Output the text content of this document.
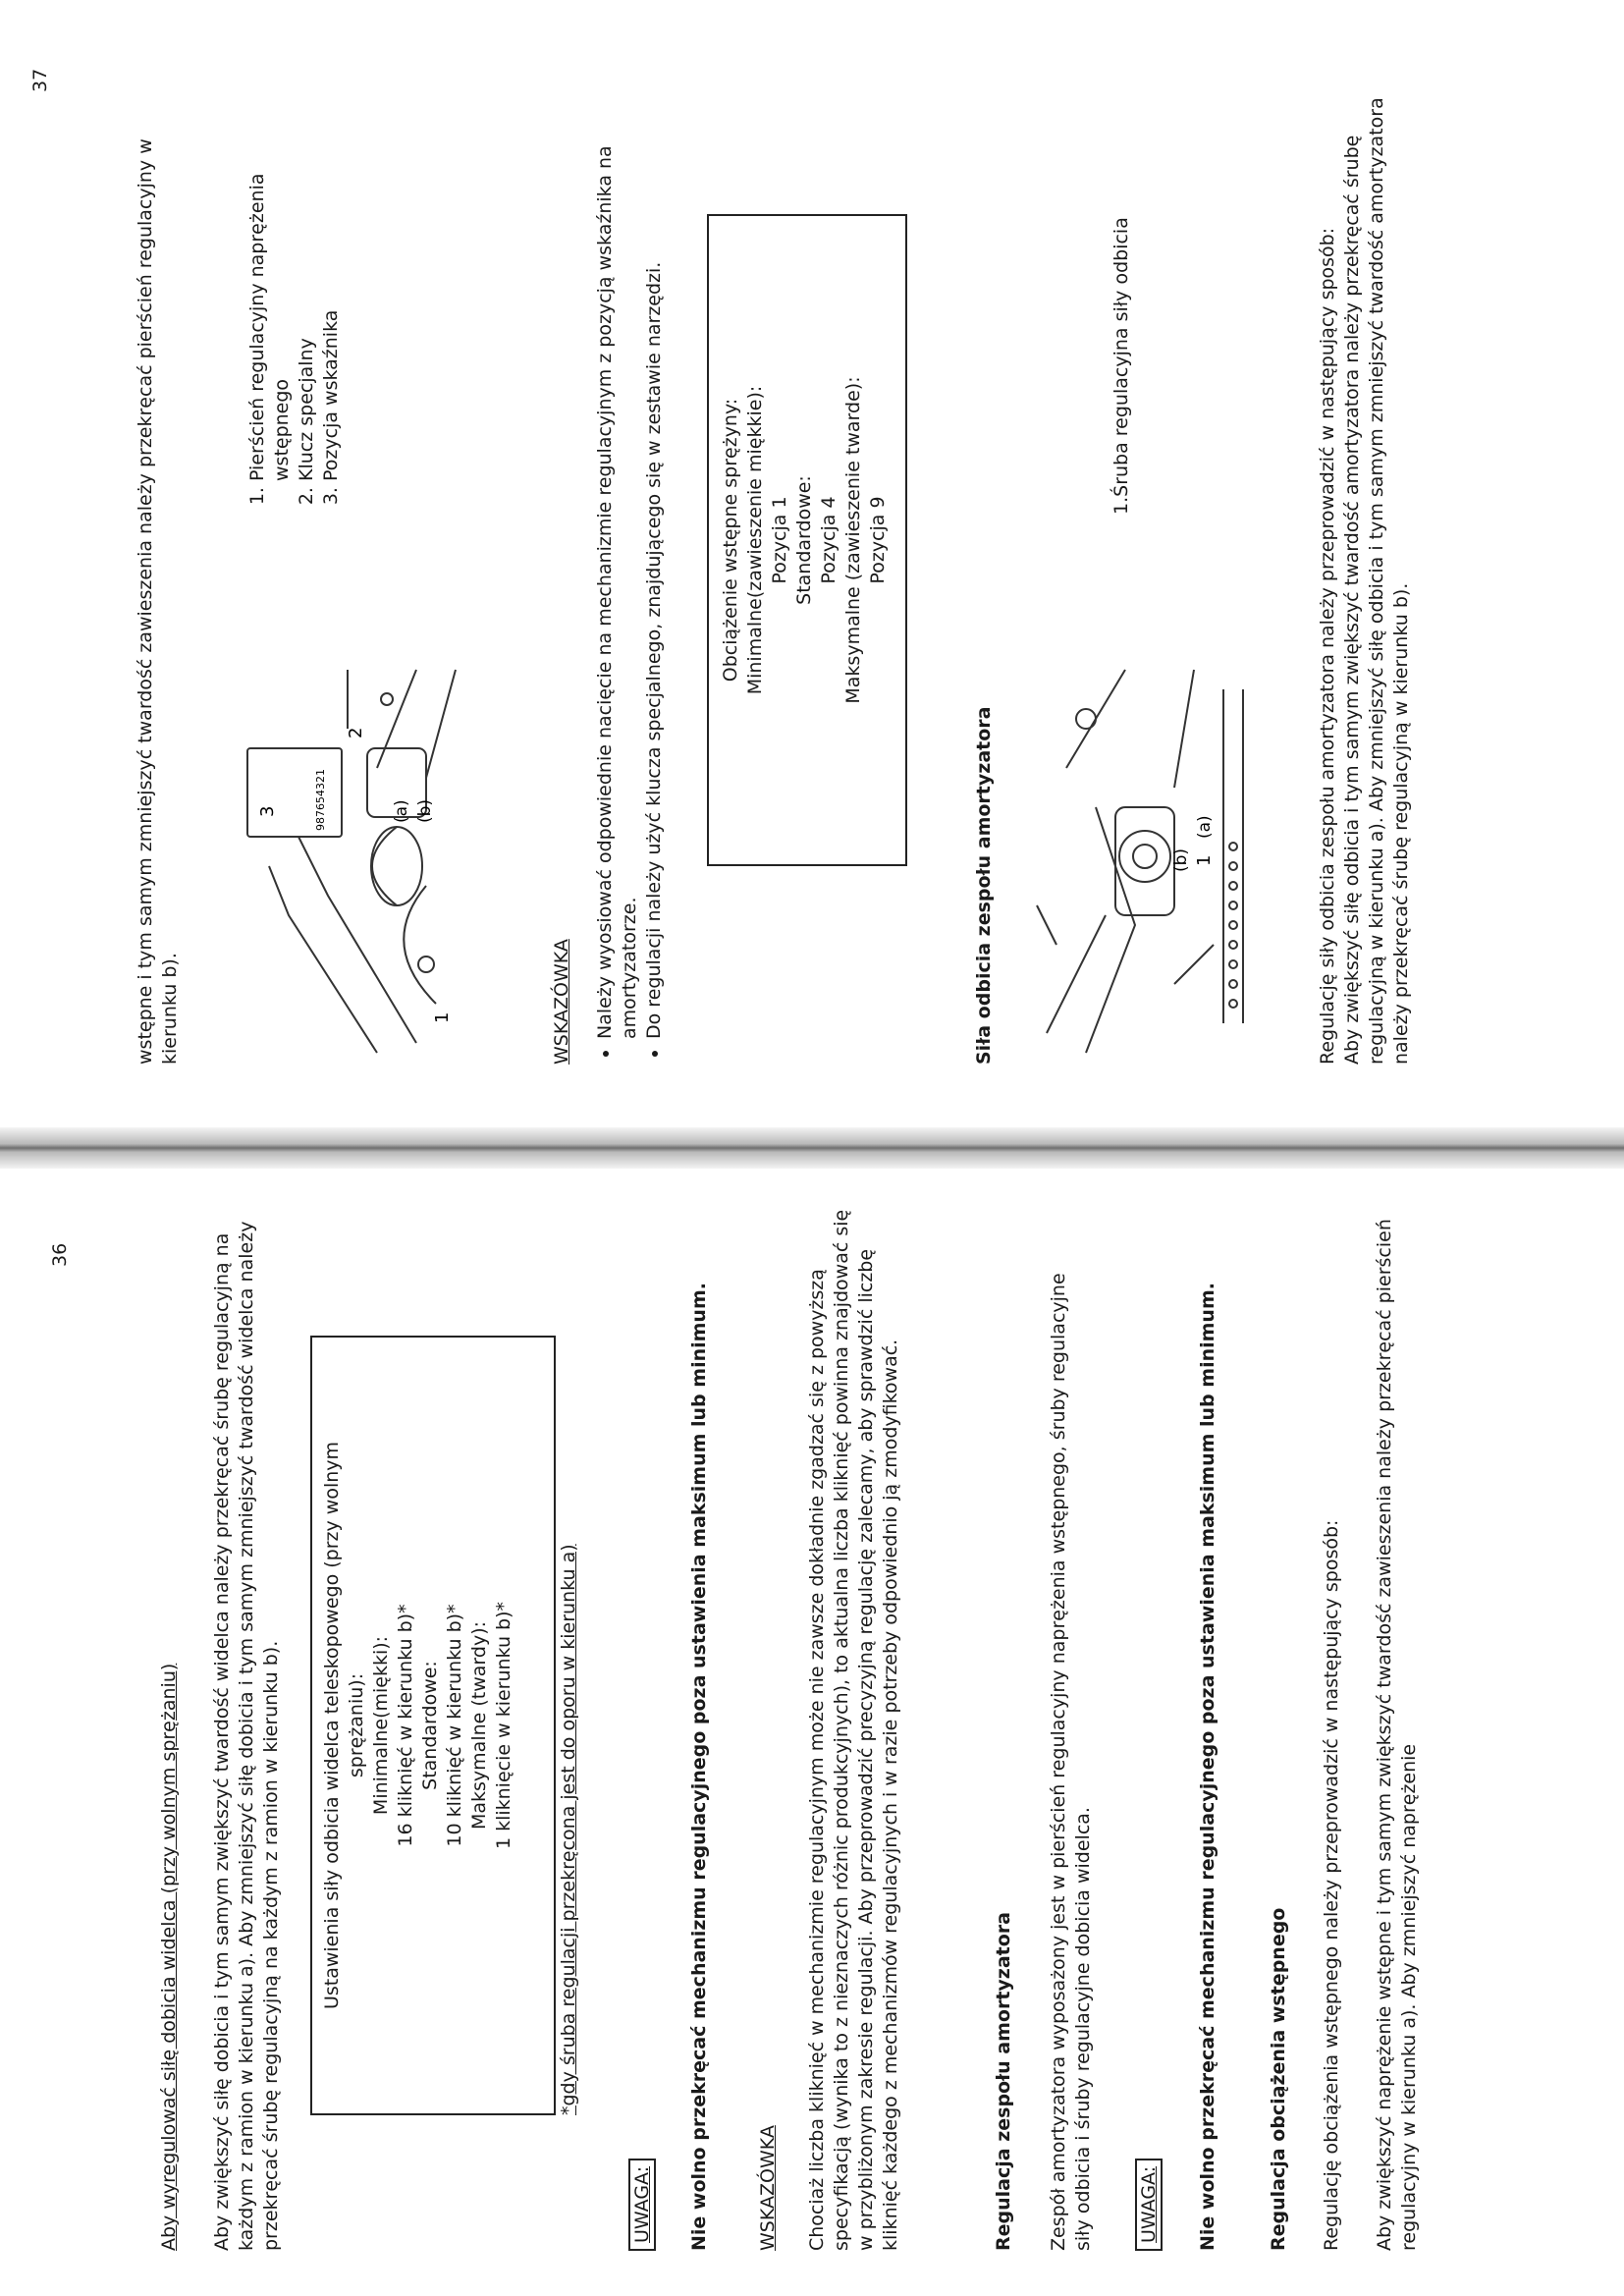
36

Aby wyregulować siłę dobicia widelca (przy wolnym sprężaniu) Aby zwiększyć siłę dobicia i tym samym zwiększyć twardość widelca należy przekręcać śrubę regulacyjną na każdym z ramion w kierunku a). Aby zmniejszyć siłę dobicia i tym samym zmniejszyć twardość widelca należy przekręcać śrubę regulacyjną na każdym z ramion w kierunku b). Ustawienia siły odbicia widelca teleskopowego (przy wolnym sprężaniu): Minimalne(miękki): 16 kliknięć w kierunku b)* Standardowe: 10 kliknięć w kierunku b)* Maksymalne (twardy): 1 kliknięcie w kierunku b)* *gdy śruba regulacji przekręcona jest do oporu w kierunku a)

UWAGA: Nie wolno przekręcać mechanizmu regulacyjnego poza ustawienia maksimum lub minimum.	WSKAZÓWKA Chociaż liczba kliknięć w mechanizmie regulacyjnym może nie zawsze dokładnie zgadzać się z powyższą specyfikacją (wynika to z nieznaczych różnic produkcyjnych), to aktualna liczba kliknięć powinna znajdować się w przybliżonym zakresie regulacji. Aby przeprowadzić precyzyjną regulację zalecamy, aby sprawdzić liczbę kliknięć każdego z mechanizmów regulacyjnych i w razie potrzeby odpowiednio ją zmodyfikować.	Regulacja zespołu amortyzatora Zespół amortyzatora wyposażony jest w pierścień regulacyjny naprężenia wstępnego, śruby regulacyjne siły odbicia i śruby regulacyjne dobicia widelca. UWAGA: Nie wolno przekręcać mechanizmu regulacyjnego poza ustawienia maksimum lub minimum.	Regulacja obciążenia wstępnego Regulację obciążenia wstępnego należy przeprowadzić w następujący sposób: Aby zwiększyć naprężenie wstępne i tym samym zwiększyć twardość zawieszenia należy przekręcać pierścień regulacyjny w kierunku a). Aby zmniejszyć naprężenie

37

wstępne i tym samym zmniejszyć twardość zawieszenia należy przekręcać pierścień regulacyjny w kierunku b).	1
2
3	(a) (b)
987654321
1. Pierścień regulacyjny naprężenia wstępnego 2. Klucz specjalny 3. Pozycja wskaźnika

WSKAZÓWKA • Należy wyosiować odpowiednie nacięcie na mechanizmie regulacyjnym z pozycją wskaźnika na amortyzatorze. • Do regulacji należy użyć klucza specjalnego, znajdującego się w zestawie narzędzi.	Obciążenie wstępne sprężyny: Minimalne(zawieszenie miękkie): Pozycja 1 Standardowe: Pozycja 4 Maksymalne (zawieszenie twarde): Pozycja 9

Siła odbicia zespołu amortyzatora	1
(a)
(b)

1.Śruba regulacyjna siły odbicia

Regulację siły odbicia zespołu amortyzatora należy przeprowadzić w następujący sposób:
Aby zwiększyć siłę odbicia i tym samym zwiększyć twardość amortyzatora należy przekręcać śrubę regulacyjną w kierunku a). Aby zmniejszyć siłę odbicia i tym samym zmniejszyć twardość amortyzatora należy przekręcać śrubę regulacyjną w kierunku b).
